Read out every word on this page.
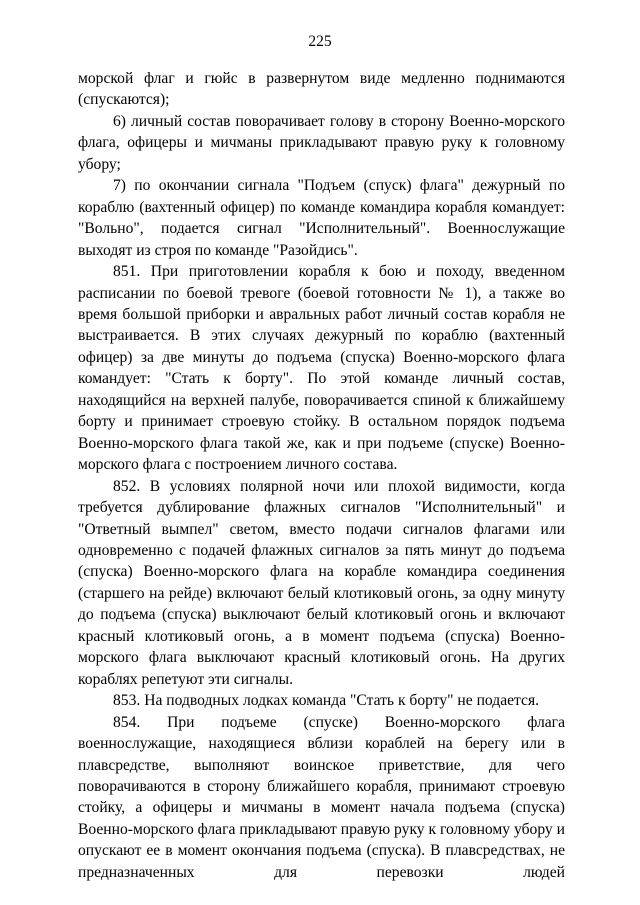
225

морской флаг и гюйс в развернутом виде медленно поднимаются (спускаются);

6) личный состав поворачивает голову в сторону Военно-морского флага, офицеры и мичманы прикладывают правую руку к головному убору;

7) по окончании сигнала "Подъем (спуск) флага" дежурный по кораблю (вахтенный офицер) по команде командира корабля командует: "Вольно", подается сигнал "Исполнительный". Военнослужащие выходят из строя по команде "Разойдись".

851. При приготовлении корабля к бою и походу, введенном расписании по боевой тревоге (боевой готовности № 1), а также во время большой приборки и авральных работ личный состав корабля не выстраивается. В этих случаях дежурный по кораблю (вахтенный офицер) за две минуты до подъема (спуска) Военно-морского флага командует: "Стать к борту". По этой команде личный состав, находящийся на верхней палубе, поворачивается спиной к ближайшему борту и принимает строевую стойку. В остальном порядок подъема Военно-морского флага такой же, как и при подъеме (спуске) Военно-морского флага с построением личного состава.

852. В условиях полярной ночи или плохой видимости, когда требуется дублирование флажных сигналов "Исполнительный" и "Ответный вымпел" светом, вместо подачи сигналов флагами или одновременно с подачей флажных сигналов за пять минут до подъема (спуска) Военно-морского флага на корабле командира соединения (старшего на рейде) включают белый клотиковый огонь, за одну минуту до подъема (спуска) выключают белый клотиковый огонь и включают красный клотиковый огонь, а в момент подъема (спуска) Военно-морского флага выключают красный клотиковый огонь. На других кораблях репетуют эти сигналы.

853. На подводных лодках команда "Стать к борту" не подается.

854. При подъеме (спуске) Военно-морского флага военнослужащие, находящиеся вблизи кораблей на берегу или в плавсредстве, выполняют воинское приветствие, для чего поворачиваются в сторону ближайшего корабля, принимают строевую стойку, а офицеры и мичманы в момент начала подъема (спуска) Военно-морского флага прикладывают правую руку к головному убору и опускают ее в момент окончания подъема (спуска). В плавсредствах, не предназначенных для перевозки людей
